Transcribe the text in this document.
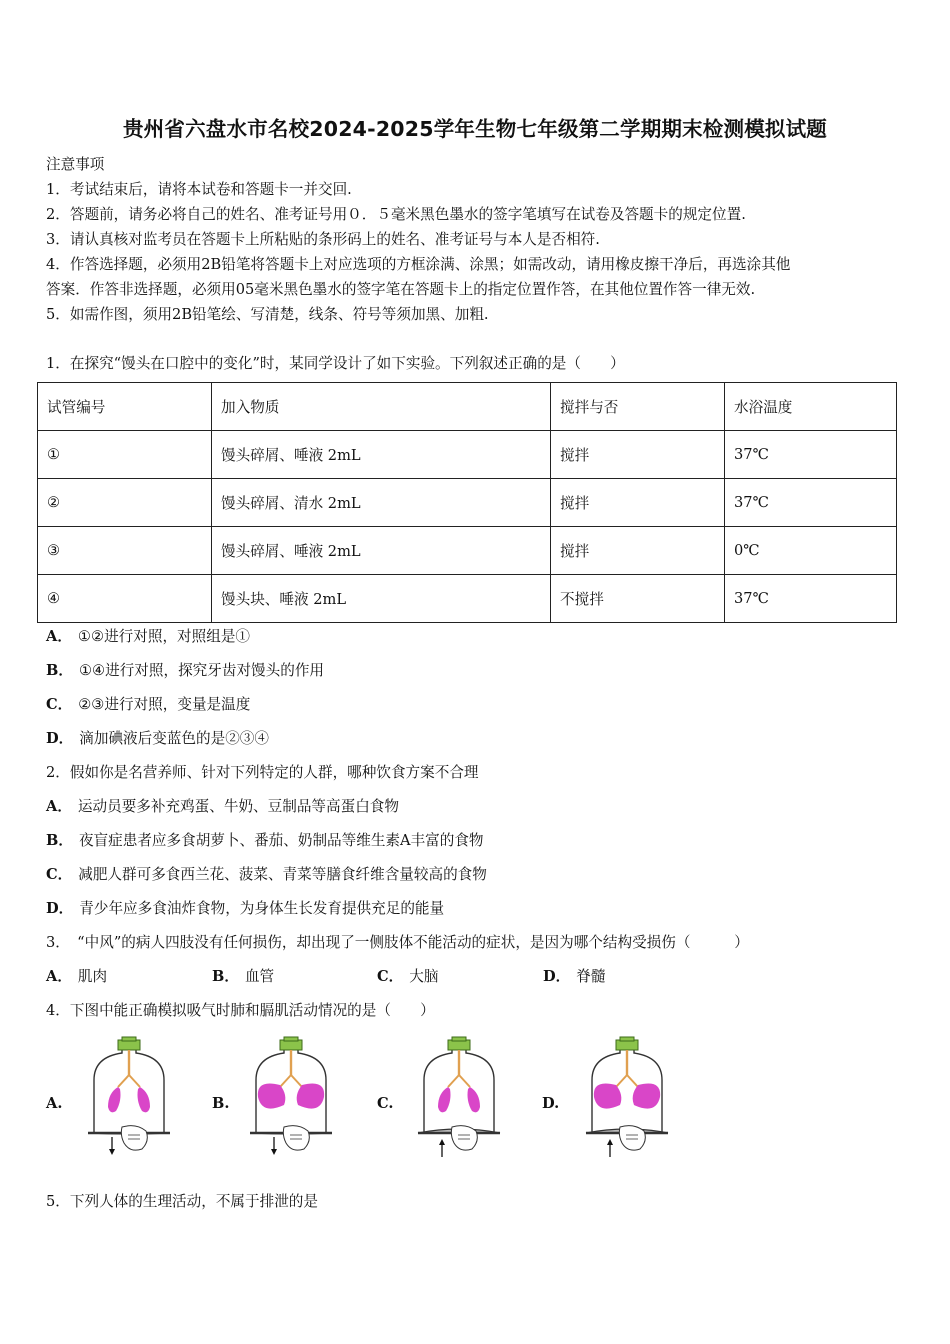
贵州省六盘水市名校2024-2025学年生物七年级第二学期期末检测模拟试题
注意事项
1．考试结束后，请将本试卷和答题卡一并交回.
2．答题前，请务必将自己的姓名、准考证号用０．５毫米黑色墨水的签字笔填写在试卷及答题卡的规定位置.
3．请认真核对监考员在答题卡上所粘贴的条形码上的姓名、准考证号与本人是否相符.
4．作答选择题，必须用2B铅笔将答题卡上对应选项的方框涂满、涂黑；如需改动，请用橡皮擦干净后，再选涂其他
答案．作答非选择题，必须用05毫米黑色墨水的签字笔在答题卡上的指定位置作答，在其他位置作答一律无效.
5．如需作图，须用2B铅笔绘、写清楚，线条、符号等须加黑、加粗.
1．在探究“馒头在口腔中的变化”时，某同学设计了如下实验。下列叙述正确的是（　　）
试管编号	加入物质	搅拌与否	水浴温度
①	馒头碎屑、唾液 2mL	搅拌	37℃
②	馒头碎屑、清水 2mL	搅拌	37℃
③	馒头碎屑、唾液 2mL	搅拌	0℃
④	馒头块、唾液 2mL	不搅拌	37℃
A． ①②进行对照，对照组是①
B． ①④进行对照，探究牙齿对馒头的作用
C． ②③进行对照，变量是温度
D． 滴加碘液后变蓝色的是②③④
2．假如你是名营养师、针对下列特定的人群，哪种饮食方案不合理
A． 运动员要多补充鸡蛋、牛奶、豆制品等高蛋白食物
B． 夜盲症患者应多食胡萝卜、番茄、奶制品等维生素A丰富的食物
C． 减肥人群可多食西兰花、菠菜、青菜等膳食纤维含量较高的食物
D． 青少年应多食油炸食物，为身体生长发育提供充足的能量
3．　“中风”的病人四肢没有任何损伤，却出现了一侧肢体不能活动的症状，是因为哪个结构受损伤（　　　）
A． 肌肉	B． 血管	C． 大脑	D． 脊髓
4．下图中能正确模拟吸气时肺和膈肌活动情况的是（　　）
A.	B.	C.	D.
5．下列人体的生理活动，不属于排泄的是
